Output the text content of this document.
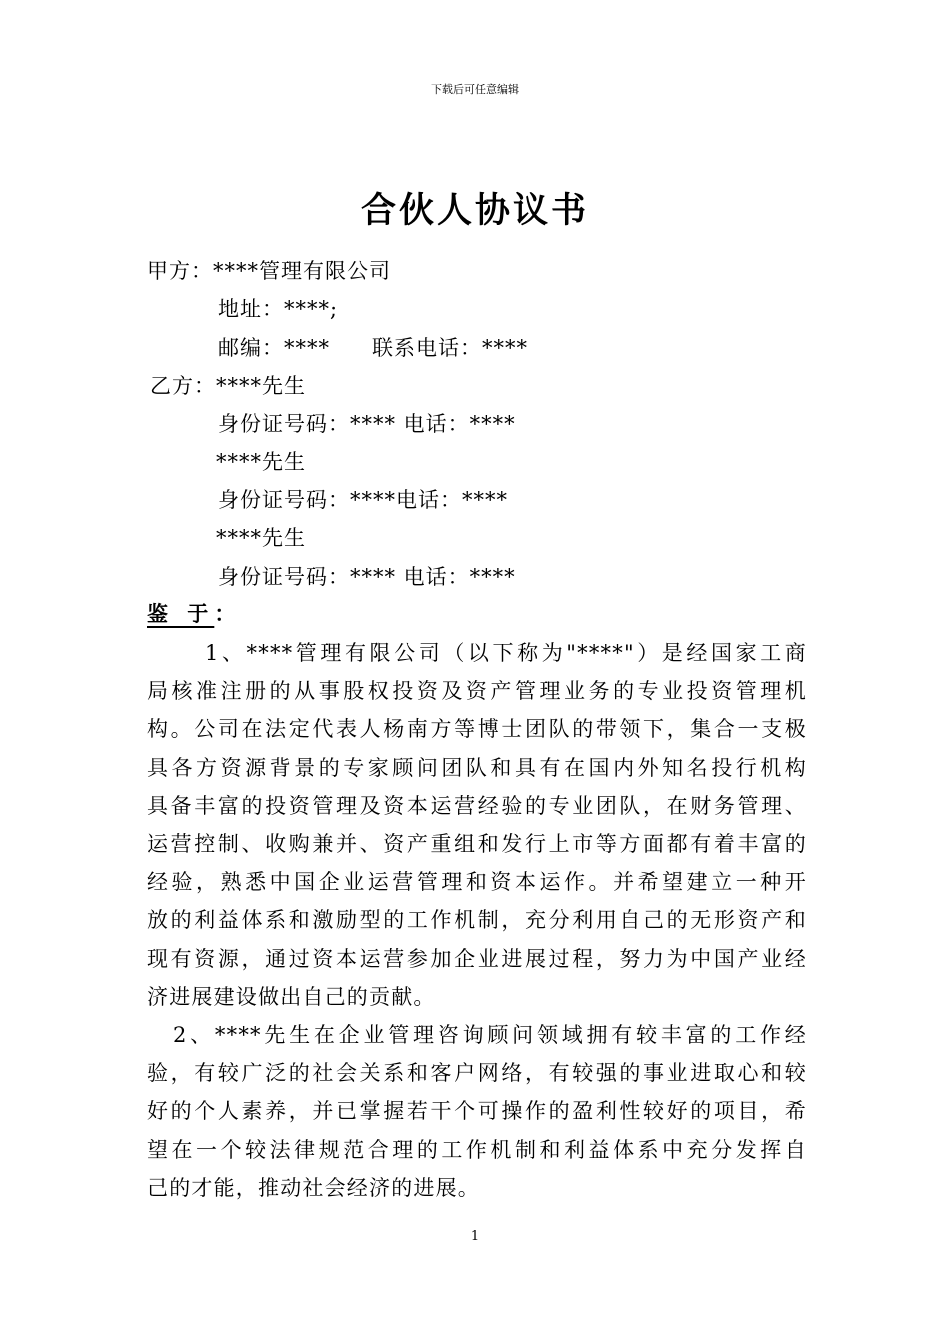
下载后可任意编辑
合伙人协议书
甲方：****管理有限公司
地址：****;
邮编：**** 联系电话：****
乙方：****先生
身份证号码：**** 电话：****
****先生
身份证号码：****电话：****
****先生
身份证号码：**** 电话：****
鉴 于：
1、****管理有限公司（以下称为"****"）是经国家工商
局核准注册的从事股权投资及资产管理业务的专业投资管理机
构。公司在法定代表人杨南方等博士团队的带领下，集合一支极
具各方资源背景的专家顾问团队和具有在国内外知名投行机构
具备丰富的投资管理及资本运营经验的专业团队，在财务管理、
运营控制、收购兼并、资产重组和发行上市等方面都有着丰富的
经验，熟悉中国企业运营管理和资本运作。并希望建立一种开
放的利益体系和激励型的工作机制，充分利用自己的无形资产和
现有资源，通过资本运营参加企业进展过程，努力为中国产业经
济进展建设做出自己的贡献。
2、****先生在企业管理咨询顾问领域拥有较丰富的工作经
验，有较广泛的社会关系和客户网络，有较强的事业进取心和较
好的个人素养，并已掌握若干个可操作的盈利性较好的项目，希
望在一个较法律规范合理的工作机制和利益体系中充分发挥自
己的才能，推动社会经济的进展。
1
